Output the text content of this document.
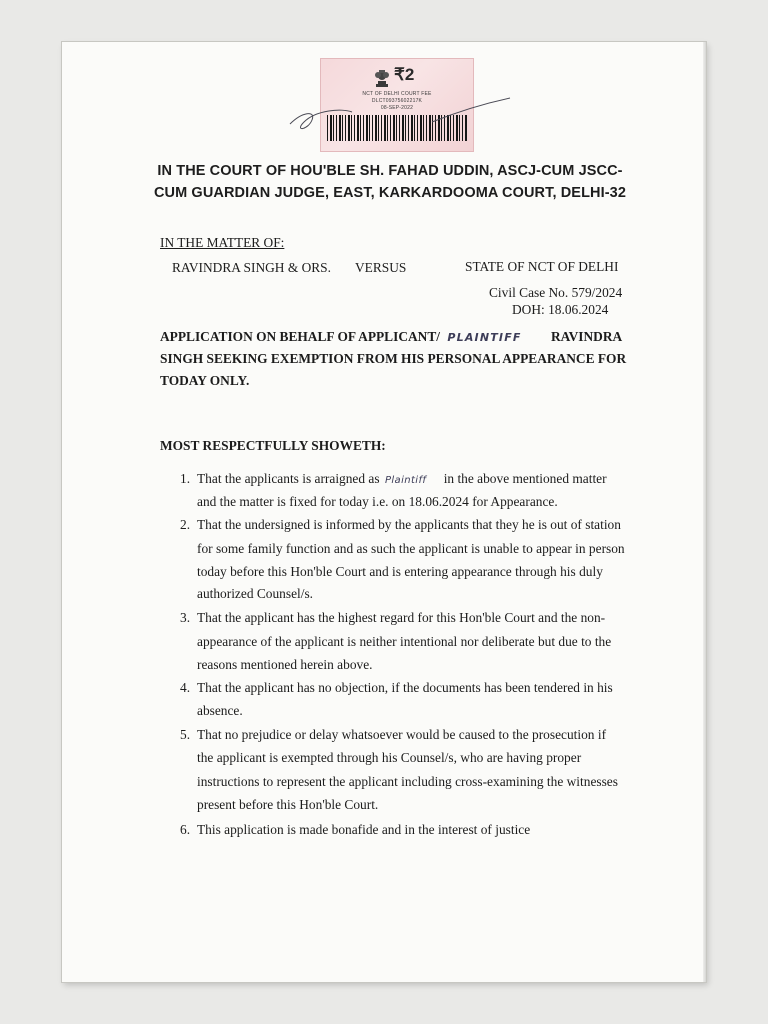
₹2
NCT OF DELHI COURT FEE
DLCT09375602217K
08-SEP-2022
IN THE COURT OF HOU'BLE SH. FAHAD UDDIN, ASCJ-CUM JSCC-
CUM GUARDIAN JUDGE, EAST, KARKARDOOMA COURT, DELHI-32
IN THE MATTER OF:
RAVINDRA SINGH & ORS. VERSUS	STATE OF NCT OF DELHI
Civil Case No. 579/2024
DOH: 18.06.2024
APPLICATION ON BEHALF OF APPLICANT/ PLAINTIFF RAVINDRA
SINGH SEEKING EXEMPTION FROM HIS PERSONAL APPEARANCE FOR
TODAY ONLY.
MOST RESPECTFULLY SHOWETH:
1. That the applicants is arraigned as Plaintiff in the above mentioned matter
and the matter is fixed for today i.e. on 18.06.2024 for Appearance.
2. That the undersigned is informed by the applicants that they he is out of station
for some family function and as such the applicant is unable to appear in person
today before this Hon'ble Court and is entering appearance through his duly
authorized Counsel/s.
3. That the applicant has the highest regard for this Hon'ble Court and the non-
appearance of the applicant is neither intentional nor deliberate but due to the
reasons mentioned herein above.
4. That the applicant has no objection, if the documents has been tendered in his
absence.
5. That no prejudice or delay whatsoever would be caused to the prosecution if
the applicant is exempted through his Counsel/s, who are having proper
instructions to represent the applicant including cross-examining the witnesses
present before this Hon'ble Court.
6. This application is made bonafide and in the interest of justice
